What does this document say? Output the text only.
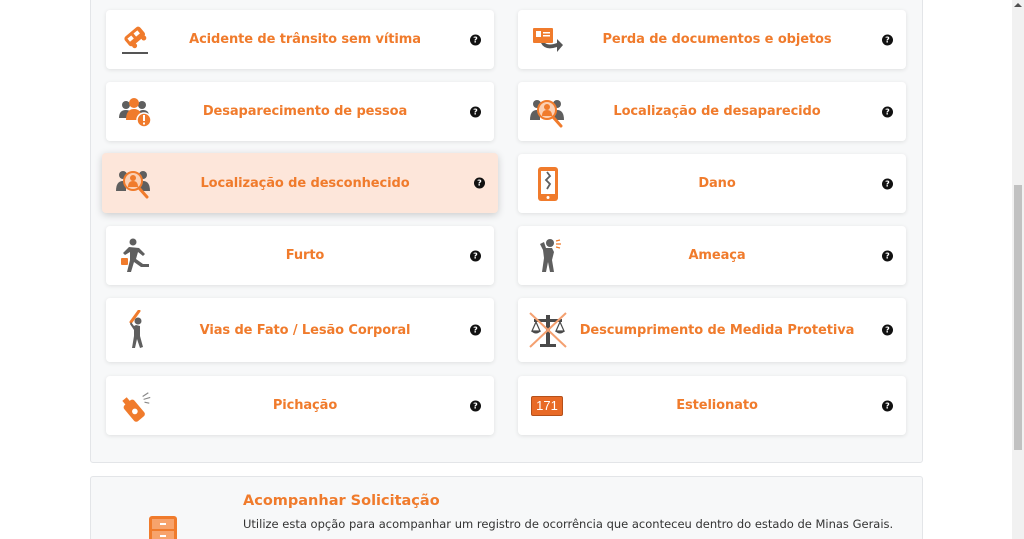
Acidente de trânsito sem vítima	?	Perda de documentos e objetos	?
Desaparecimento de pessoa	?	Localização de desaparecido	?
Localização de desconhecido	?	Dano	?
Furto	?	Ameaça	?
Vias de Fato / Lesão Corporal	?	Descumprimento de Medida Protetiva	?
Pichação	?	171	Estelionato	?
Acompanhar Solicitação
Utilize esta opção para acompanhar um registro de ocorrência que aconteceu dentro do estado de Minas Gerais.
